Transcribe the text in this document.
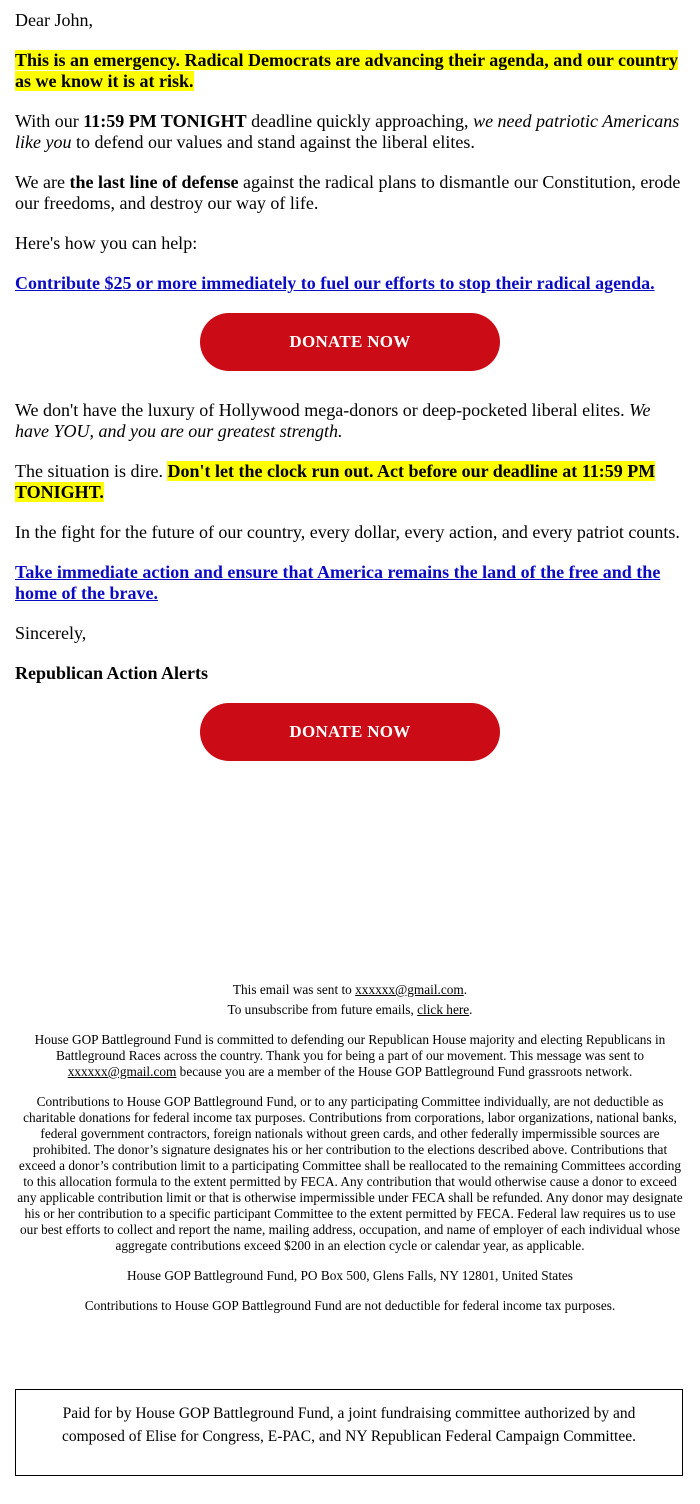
Dear John,

This is an emergency. Radical Democrats are advancing their agenda, and our country as we know it is at risk.

With our 11:59 PM TONIGHT deadline quickly approaching, we need patriotic Americans like you to defend our values and stand against the liberal elites.

We are the last line of defense against the radical plans to dismantle our Constitution, erode our freedoms, and destroy our way of life.

Here's how you can help:

Contribute $25 or more immediately to fuel our efforts to stop their radical agenda.

DONATE NOW

We don't have the luxury of Hollywood mega-donors or deep-pocketed liberal elites. We have YOU, and you are our greatest strength.

The situation is dire. Don't let the clock run out. Act before our deadline at 11:59 PM TONIGHT.

In the fight for the future of our country, every dollar, every action, and every patriot counts.

Take immediate action and ensure that America remains the land of the free and the home of the brave.

Sincerely,

Republican Action Alerts

DONATE NOW
This email was sent to xxxxxx@gmail.com.
To unsubscribe from future emails, click here.
House GOP Battleground Fund is committed to defending our Republican House majority and electing Republicans in Battleground Races across the country. Thank you for being a part of our movement. This message was sent to xxxxxx@gmail.com because you are a member of the House GOP Battleground Fund grassroots network.
Contributions to House GOP Battleground Fund, or to any participating Committee individually, are not deductible as charitable donations for federal income tax purposes. Contributions from corporations, labor organizations, national banks, federal government contractors, foreign nationals without green cards, and other federally impermissible sources are prohibited. The donor’s signature designates his or her contribution to the elections described above. Contributions that exceed a donor’s contribution limit to a participating Committee shall be reallocated to the remaining Committees according to this allocation formula to the extent permitted by FECA. Any contribution that would otherwise cause a donor to exceed any applicable contribution limit or that is otherwise impermissible under FECA shall be refunded. Any donor may designate his or her contribution to a specific participant Committee to the extent permitted by FECA. Federal law requires us to use our best efforts to collect and report the name, mailing address, occupation, and name of employer of each individual whose aggregate contributions exceed $200 in an election cycle or calendar year, as applicable.
House GOP Battleground Fund, PO Box 500, Glens Falls, NY 12801, United States
Contributions to House GOP Battleground Fund are not deductible for federal income tax purposes.
Paid for by House GOP Battleground Fund, a joint fundraising committee authorized by and composed of Elise for Congress, E-PAC, and NY Republican Federal Campaign Committee.
